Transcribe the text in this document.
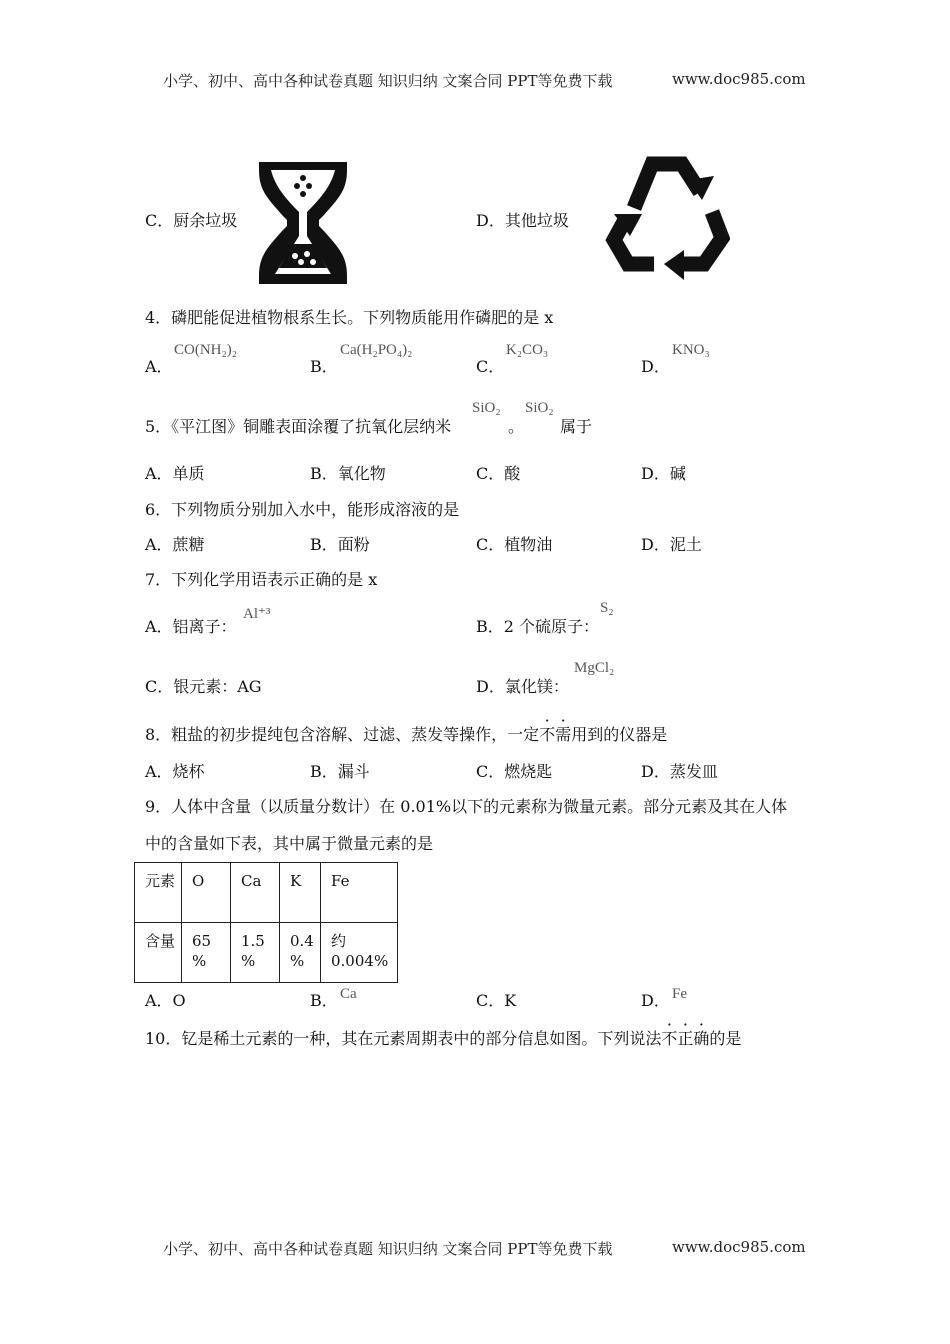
小学、初中、高中各种试卷真题 知识归纳 文案合同 PPT等免费下载	www.doc985.com
C．厨余垃圾	D．其他垃圾
4．磷肥能促进植物根系生长。下列物质能用作磷肥的是 x
A．
CO(NH₂)₂
B．
Ca(H₂PO₄)₂
C．
K₂CO₃
D．
KNO₃
5．《平江图》铜雕表面涂覆了抗氧化层纳米
SiO₂
。
SiO₂
属于
A．单质	B．氧化物	C．酸	D．碱
6．下列物质分别加入水中，能形成溶液的是
A．蔗糖	B．面粉	C．植物油	D．泥土
7．下列化学用语表示正确的是 x
A．铝离子：
Al⁺³
B．2 个硫原子：
S₂
C．银元素：AG	D．氯化镁：
MgCl₂
8．粗盐的初步提纯包含溶解、过滤、蒸发等操作，一定不需用到的仪器是
A．烧杯	B．漏斗	C．燃烧匙	D．蒸发皿
9．人体中含量（以质量分数计）在 0.01%以下的元素称为微量元素。部分元素及其在人体
中的含量如下表，其中属于微量元素的是
元素	O	Ca	K	Fe
含量	65 %	1.5 %	0.4 %	约 0.004%
A．O	B． Ca	C．K	D． Fe
10．钇是稀土元素的一种，其在元素周期表中的部分信息如图。下列说法不正确的是
小学、初中、高中各种试卷真题 知识归纳 文案合同 PPT等免费下载	www.doc985.com
